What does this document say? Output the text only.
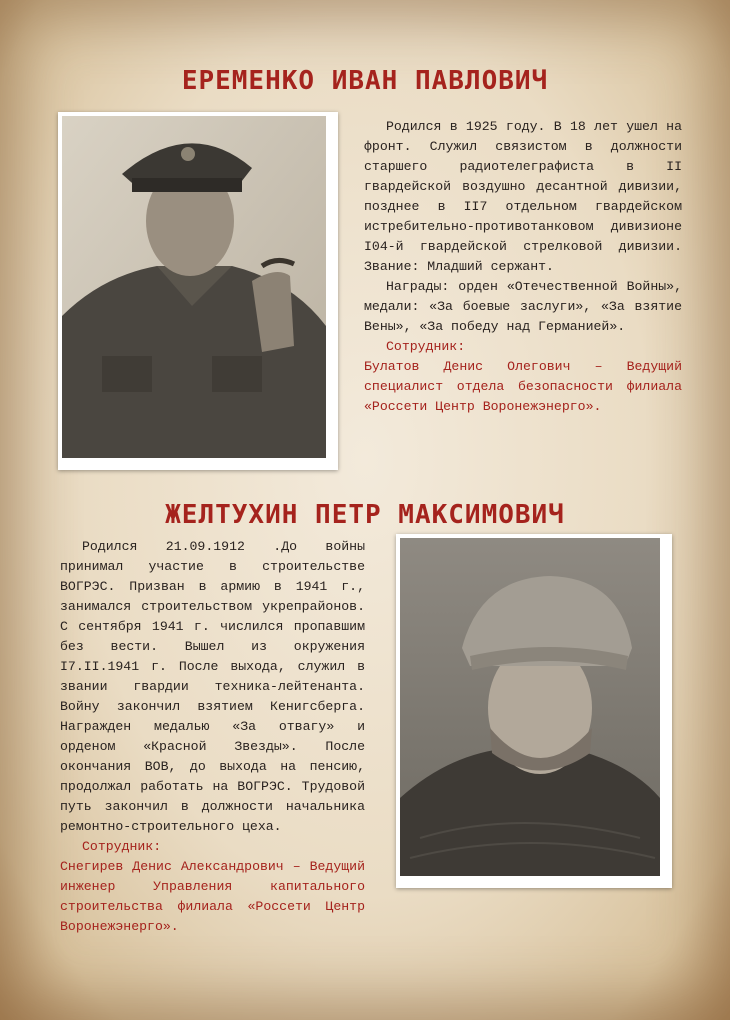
ЕРЕМЕНКО ИВАН ПАВЛОВИЧ

Родился в 1925 году. В 18 лет ушел на фронт. Служил связистом в должности старшего радиотелеграфиста в II гвардейской воздушно десантной дивизии, позднее в II7 отдельном гвардейском истребительно-противотанковом дивизионе I04-й гвардейской стрелковой дивизии. Звание: Младший сержант.

Награды: орден «Отечественной Войны», медали: «За боевые заслуги», «За взятие Вены», «За победу над Германией».

Сотрудник:

Булатов Денис Олегович – Ведущий специалист отдела безопасности филиала «Россети Центр Воронежэнерго».

ЖЕЛТУХИН ПЕТР МАКСИМОВИЧ

Родился 21.09.1912 .До войны принимал участие в строительстве ВОГРЭС. Призван в армию в 1941 г., занимался строительством укрепрайонов. С сентября 1941 г. числился пропавшим без вести. Вышел из окружения I7.II.1941 г. После выхода, служил в звании гвардии техника-лейтенанта. Войну закончил взятием Кенигсберга. Награжден медалью «За отвагу» и орденом «Красной Звезды». После окончания ВОВ, до выхода на пенсию, продолжал работать на ВОГРЭС. Трудовой путь закончил в должности начальника ремонтно-строительного цеха.

Сотрудник:

Снегирев Денис Александрович – Ведущий инженер Управления капитального строительства филиала «Россети Центр Воронежэнерго».
